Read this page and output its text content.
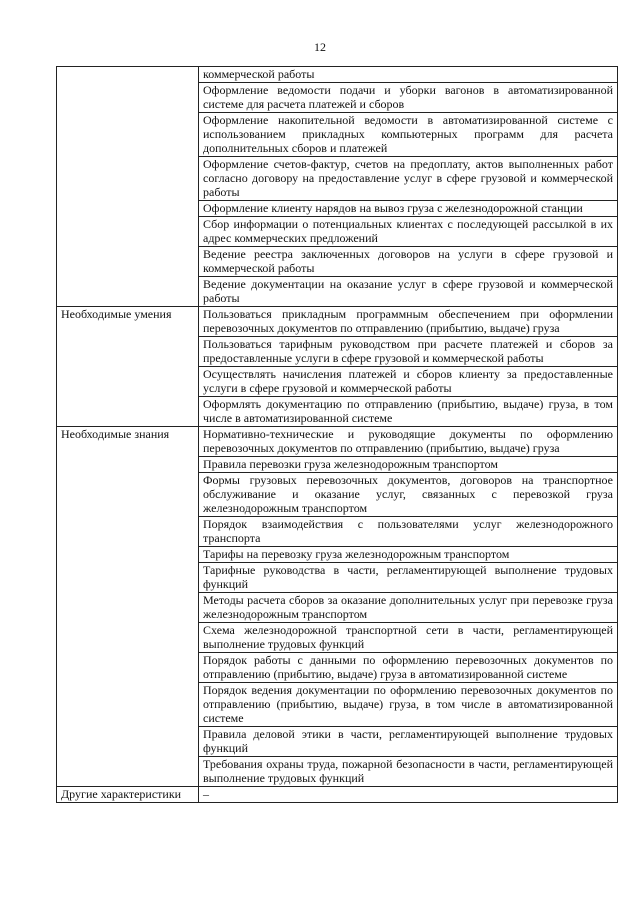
12
	коммерческой работы
	Оформление ведомости подачи и уборки вагонов в автоматизированной системе для расчета платежей и сборов
	Оформление накопительной ведомости в автоматизированной системе с использованием прикладных компьютерных программ для расчета дополнительных сборов и платежей
	Оформление счетов-фактур, счетов на предоплату, актов выполненных работ согласно договору на предоставление услуг в сфере грузовой и коммерческой работы
	Оформление клиенту нарядов на вывоз груза с железнодорожной станции
	Сбор информации о потенциальных клиентах с последующей рассылкой в их адрес коммерческих предложений
	Ведение реестра заключенных договоров на услуги в сфере грузовой и коммерческой работы
	Ведение документации на оказание услуг в сфере грузовой и коммерческой работы
Необходимые умения	Пользоваться прикладным программным обеспечением при оформлении перевозочных документов по отправлению (прибытию, выдаче) груза
	Пользоваться тарифным руководством при расчете платежей и сборов за предоставленные услуги в сфере грузовой и коммерческой работы
	Осуществлять начисления платежей и сборов клиенту за предоставленные услуги в сфере грузовой и коммерческой работы
	Оформлять документацию по отправлению (прибытию, выдаче) груза, в том числе в автоматизированной системе
Необходимые знания	Нормативно-технические и руководящие документы по оформлению перевозочных документов по отправлению (прибытию, выдаче) груза
	Правила перевозки груза железнодорожным транспортом
	Формы грузовых перевозочных документов, договоров на транспортное обслуживание и оказание услуг, связанных с перевозкой груза железнодорожным транспортом
	Порядок взаимодействия с пользователями услуг железнодорожного транспорта
	Тарифы на перевозку груза железнодорожным транспортом
	Тарифные руководства в части, регламентирующей выполнение трудовых функций
	Методы расчета сборов за оказание дополнительных услуг при перевозке груза железнодорожным транспортом
	Схема железнодорожной транспортной сети в части, регламентирующей выполнение трудовых функций
	Порядок работы с данными по оформлению перевозочных документов по отправлению (прибытию, выдаче) груза в автоматизированной системе
	Порядок ведения документации по оформлению перевозочных документов по отправлению (прибытию, выдаче) груза, в том числе в автоматизированной системе
	Правила деловой этики в части, регламентирующей выполнение трудовых функций
	Требования охраны труда, пожарной безопасности в части, регламентирующей выполнение трудовых функций
Другие характеристики	–
